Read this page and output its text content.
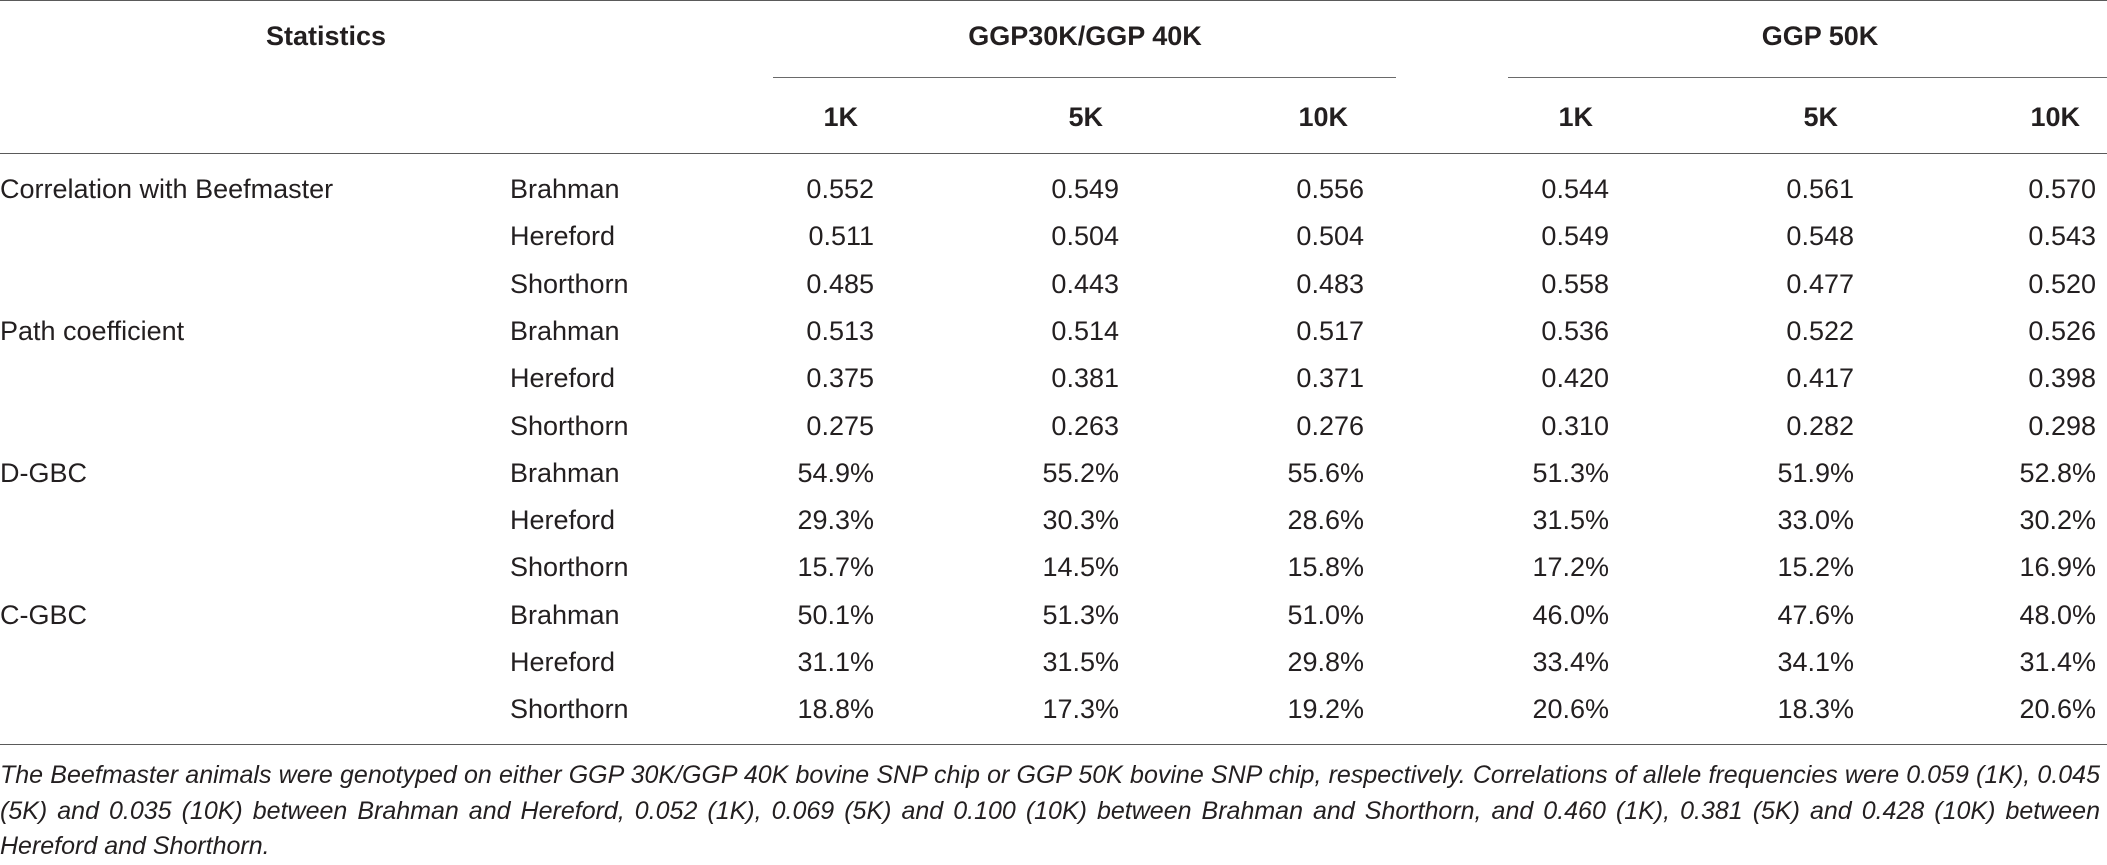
Statistics	GGP30K/GGP 40K	GGP 50K
1K	5K	10K	1K	5K	10K
Correlation with Beefmaster	Brahman	0.552	0.549	0.556	0.544	0.561	0.570
Hereford	0.511	0.504	0.504	0.549	0.548	0.543
Shorthorn	0.485	0.443	0.483	0.558	0.477	0.520
Path coefficient	Brahman	0.513	0.514	0.517	0.536	0.522	0.526
Hereford	0.375	0.381	0.371	0.420	0.417	0.398
Shorthorn	0.275	0.263	0.276	0.310	0.282	0.298
D-GBC	Brahman	54.9%	55.2%	55.6%	51.3%	51.9%	52.8%
Hereford	29.3%	30.3%	28.6%	31.5%	33.0%	30.2%
Shorthorn	15.7%	14.5%	15.8%	17.2%	15.2%	16.9%
C-GBC	Brahman	50.1%	51.3%	51.0%	46.0%	47.6%	48.0%
Hereford	31.1%	31.5%	29.8%	33.4%	34.1%	31.4%
Shorthorn	18.8%	17.3%	19.2%	20.6%	18.3%	20.6%
The Beefmaster animals were genotyped on either GGP 30K/GGP 40K bovine SNP chip or GGP 50K bovine SNP chip, respectively. Correlations of allele frequencies were 0.059 (1K), 0.045 (5K) and 0.035 (10K) between Brahman and Hereford, 0.052 (1K), 0.069 (5K) and 0.100 (10K) between Brahman and Shorthorn, and 0.460 (1K), 0.381 (5K) and 0.428 (10K) between Hereford and Shorthorn.
